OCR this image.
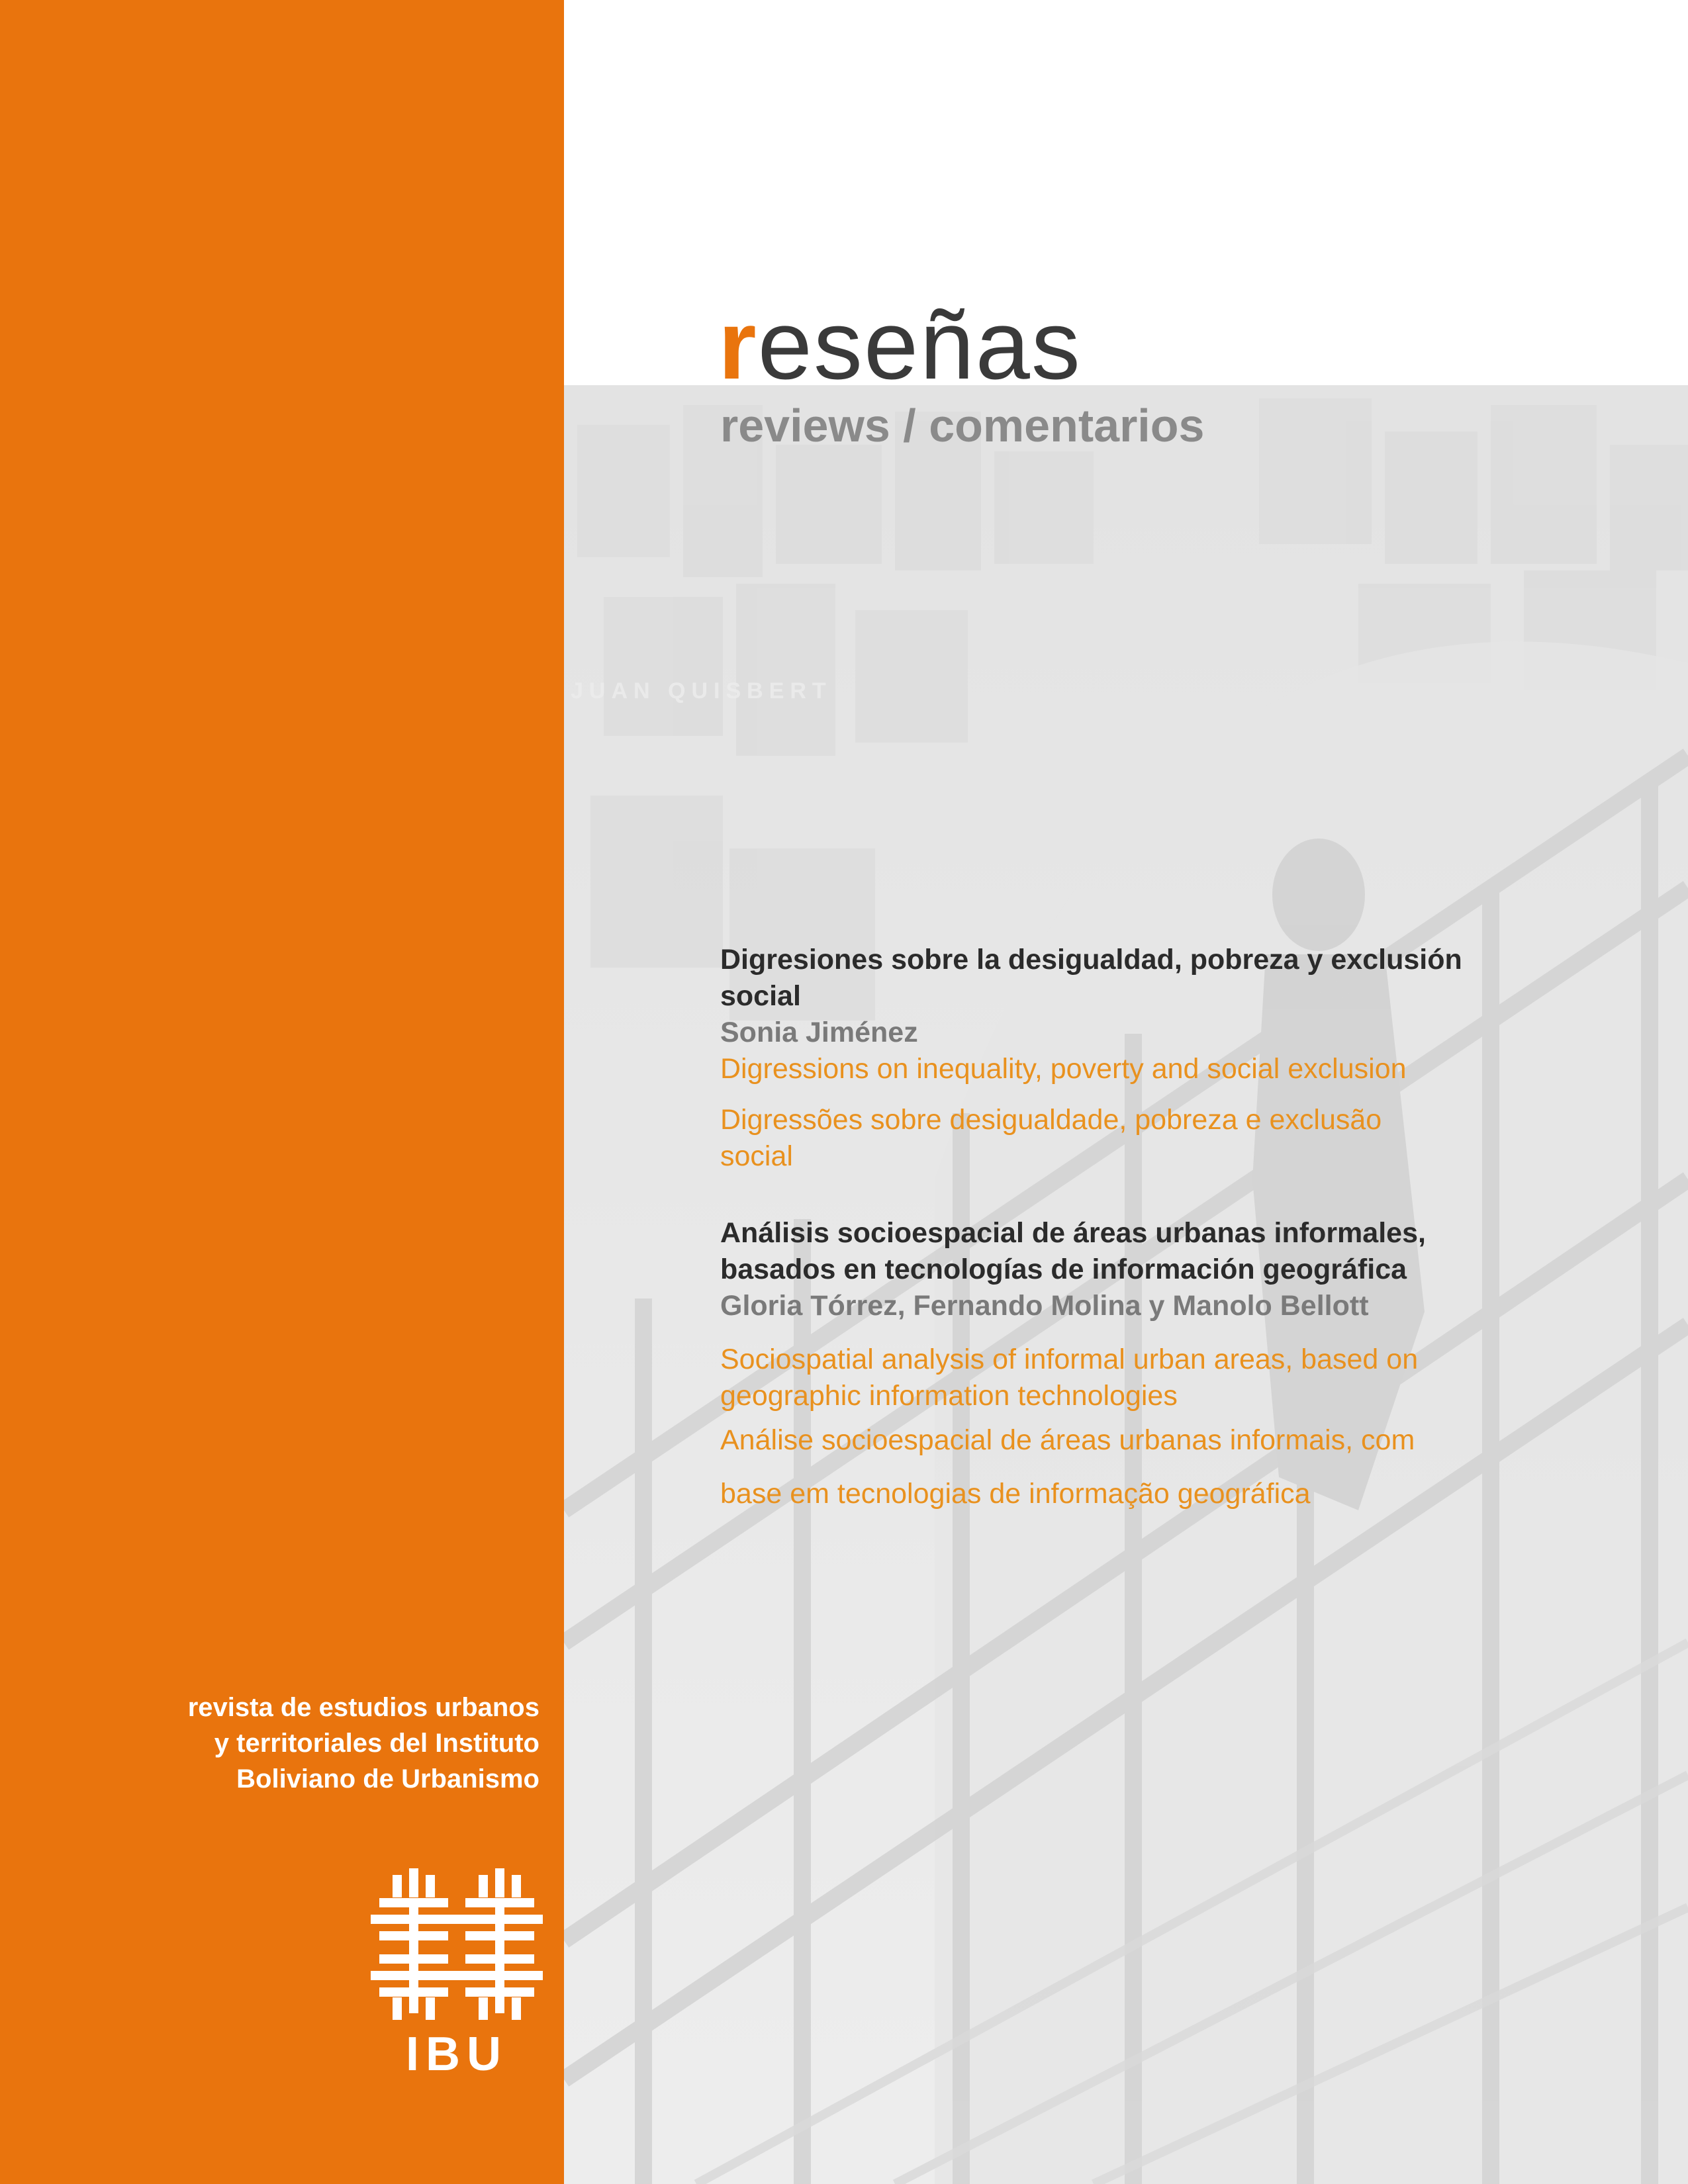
JUAN QUISBERT
reseñas
reviews / comentarios
Digresiones sobre la desigualdad, pobreza y exclusión
social
Sonia Jiménez
Digressions on inequality, poverty and social exclusion
Digressões sobre desigualdade, pobreza e exclusão
social
Análisis socioespacial de áreas urbanas informales,
basados en tecnologías de información geográfica
Gloria Tórrez, Fernando Molina y Manolo Bellott
Sociospatial analysis of informal urban areas, based on
geographic information technologies
Análise socioespacial de áreas urbanas informais, com
base em tecnologias de informação geográfica
revista de estudios urbanos
y territoriales del Instituto
Boliviano de Urbanismo
IBU
